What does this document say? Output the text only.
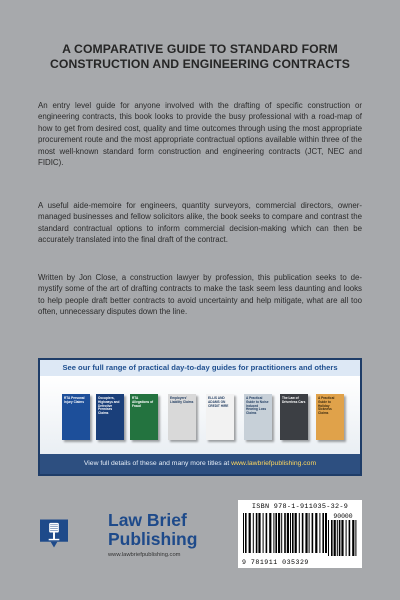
A COMPARATIVE GUIDE TO STANDARD FORM CONSTRUCTION AND ENGINEERING CONTRACTS
An entry level guide for anyone involved with the drafting of specific construction or engineering contracts, this book looks to provide the busy professional with a road-map of how to get from desired cost, quality and time outcomes through using the most appropriate procurement route and the most appropriate contractual options available within three of the most well-known standard form construction and engineering contracts (JCT, NEC and FIDIC).
A useful aide-memoire for engineers, quantity surveyors, commercial directors, owner-managed businesses and fellow solicitors alike, the book seeks to compare and contrast the standard contractual options to inform commercial decision-making which can then be accurately translated into the final draft of the contract.
Written by Jon Close, a construction lawyer by profession, this publication seeks to de-mystify some of the art of drafting contracts to make the task seem less daunting and looks to help people draft better contracts to avoid uncertainty and help mitigate, what are all too often, unnecessary disputes down the line.
See our full range of practical day-to-day guides for practitioners and others
RTA Personal Injury Claims
Occupiers, Highways and Defective Premises Claims
RTA Allegations of Fraud
Employers' Liability Claims
ELLIS AND ADAMS ON CREDIT HIRE
A Practical Guide to Noise Induced Hearing Loss Claims
The Law of Driverless Cars
A Practical Guide to Holiday Sickness Claims
View full details of these and many more titles at www.lawbriefpublishing.com
Law Brief
Publishing
www.lawbriefpublishing.com
ISBN 978-1-911035-32-9
9 781911 035329
90000
